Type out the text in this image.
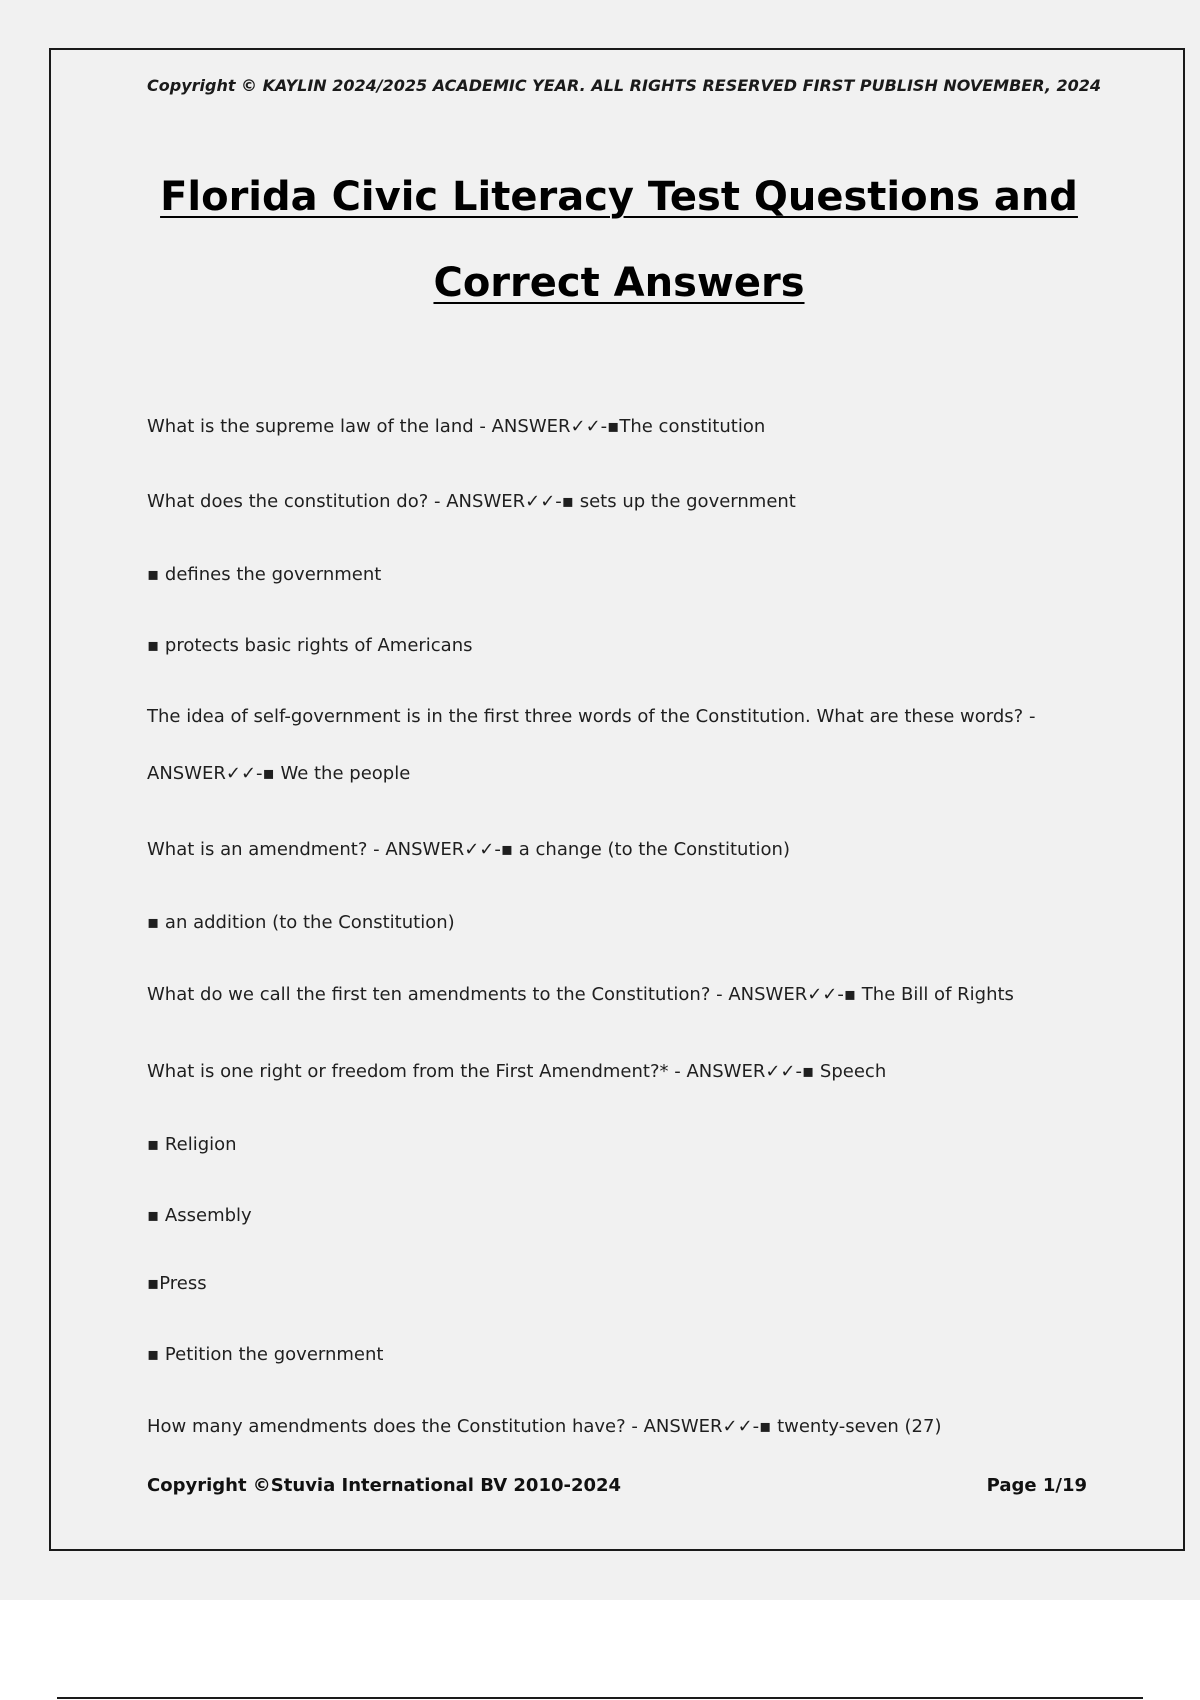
Copyright © KAYLIN 2024/2025 ACADEMIC YEAR. ALL RIGHTS RESERVED FIRST PUBLISH NOVEMBER, 2024
Florida Civic Literacy Test Questions and
Correct Answers
What is the supreme law of the land - ANSWER✓✓-▪The constitution
What does the constitution do? - ANSWER✓✓-▪ sets up the government
▪ defines the government
▪ protects basic rights of Americans
The idea of self-government is in the first three words of the Constitution. What are these words? -
ANSWER✓✓-▪ We the people
What is an amendment? - ANSWER✓✓-▪ a change (to the Constitution)
▪ an addition (to the Constitution)
What do we call the first ten amendments to the Constitution? - ANSWER✓✓-▪ The Bill of Rights
What is one right or freedom from the First Amendment?* - ANSWER✓✓-▪ Speech
▪ Religion
▪ Assembly
▪Press
▪ Petition the government
How many amendments does the Constitution have? - ANSWER✓✓-▪ twenty-seven (27)
Copyright ©Stuvia International BV 2010-2024	Page 1/19
